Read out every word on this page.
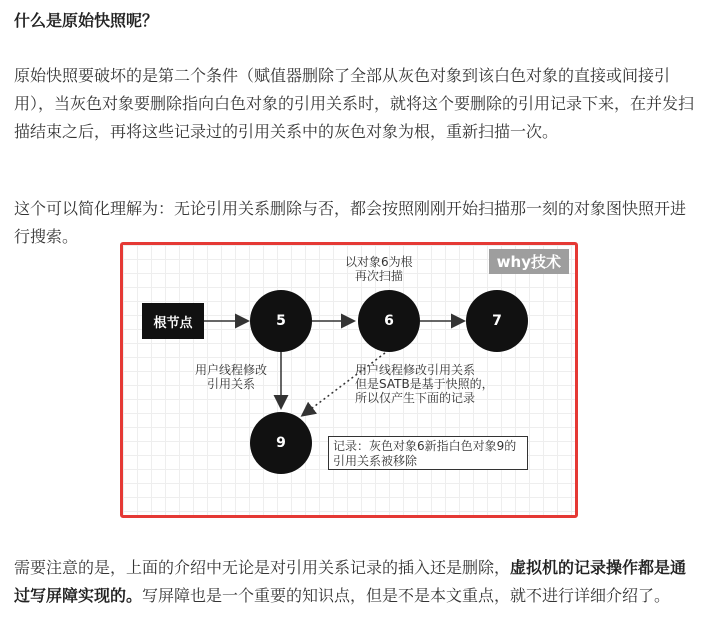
什么是原始快照呢？

原始快照要破坏的是第二个条件（赋值器删除了全部从灰色对象到该白色对象的直接或间接引用），当灰色对象要删除指向白色对象的引用关系时，就将这个要删除的引用记录下来，在并发扫描结束之后，再将这些记录过的引用关系中的灰色对象为根，重新扫描一次。

这个可以简化理解为：无论引用关系删除与否，都会按照刚刚开始扫描那一刻的对象图快照开进行搜索。

why技术
根节点	5	6	7
9
以对象6为根
再次扫描
用户线程修改
引用关系
用户线程修改引用关系
但是SATB是基于快照的，
所以仅产生下面的记录
记录：灰色对象6新指白色对象9的引用关系被移除

需要注意的是，上面的介绍中无论是对引用关系记录的插入还是删除，虚拟机的记录操作都是通过写屏障实现的。写屏障也是一个重要的知识点，但是不是本文重点，就不进行详细介绍了。
